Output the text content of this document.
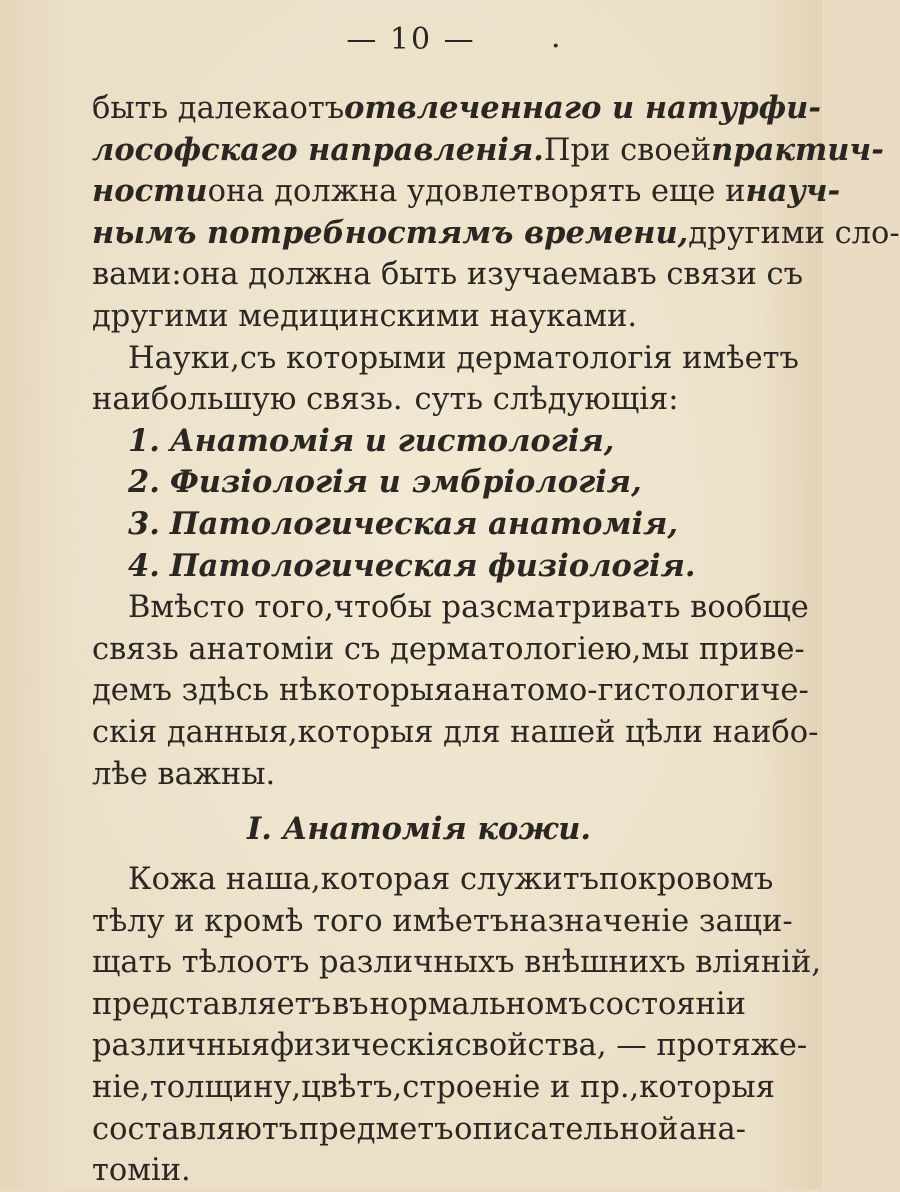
— 10 —	.
быть далека отъ отвлеченнаго и натурфи-
лософскаго направленія. При своей практич-
ности она должна удовлетворять еще и науч-
нымъ потребностямъ времени, другими сло-
вами: она должна быть изучаема въ связи съ
другими медицинскими науками.
Науки, съ которыми дерматологія имѣетъ
наибольшую связь. суть слѣдующія:
1. Анатомія и гистологія,
2. Физіологія и эмбріологія,
3. Патологическая анатомія,
4. Патологическая физіологія.
Вмѣсто того, чтобы разсматривать вообще
связь анатоміи съ дерматологіею, мы приве-
демъ здѣсь нѣкоторыя анатомо-гистологиче-
скія данныя, которыя для нашей цѣли наибо-
лѣе важны.
I. Анатомія кожи.
Кожа наша, которая служитъ покровомъ
тѣлу и кромѣ того имѣетъ назначеніе защи-
щать тѣло отъ различныхъ внѣшнихъ вліяній,
представляетъ въ нормальномъ состояніи
различныя физическія свойства, — протяже-
ніе, толщину, цвѣтъ, строеніе и пр., которыя
составляютъ предметъ описательной ана-
томіи.
